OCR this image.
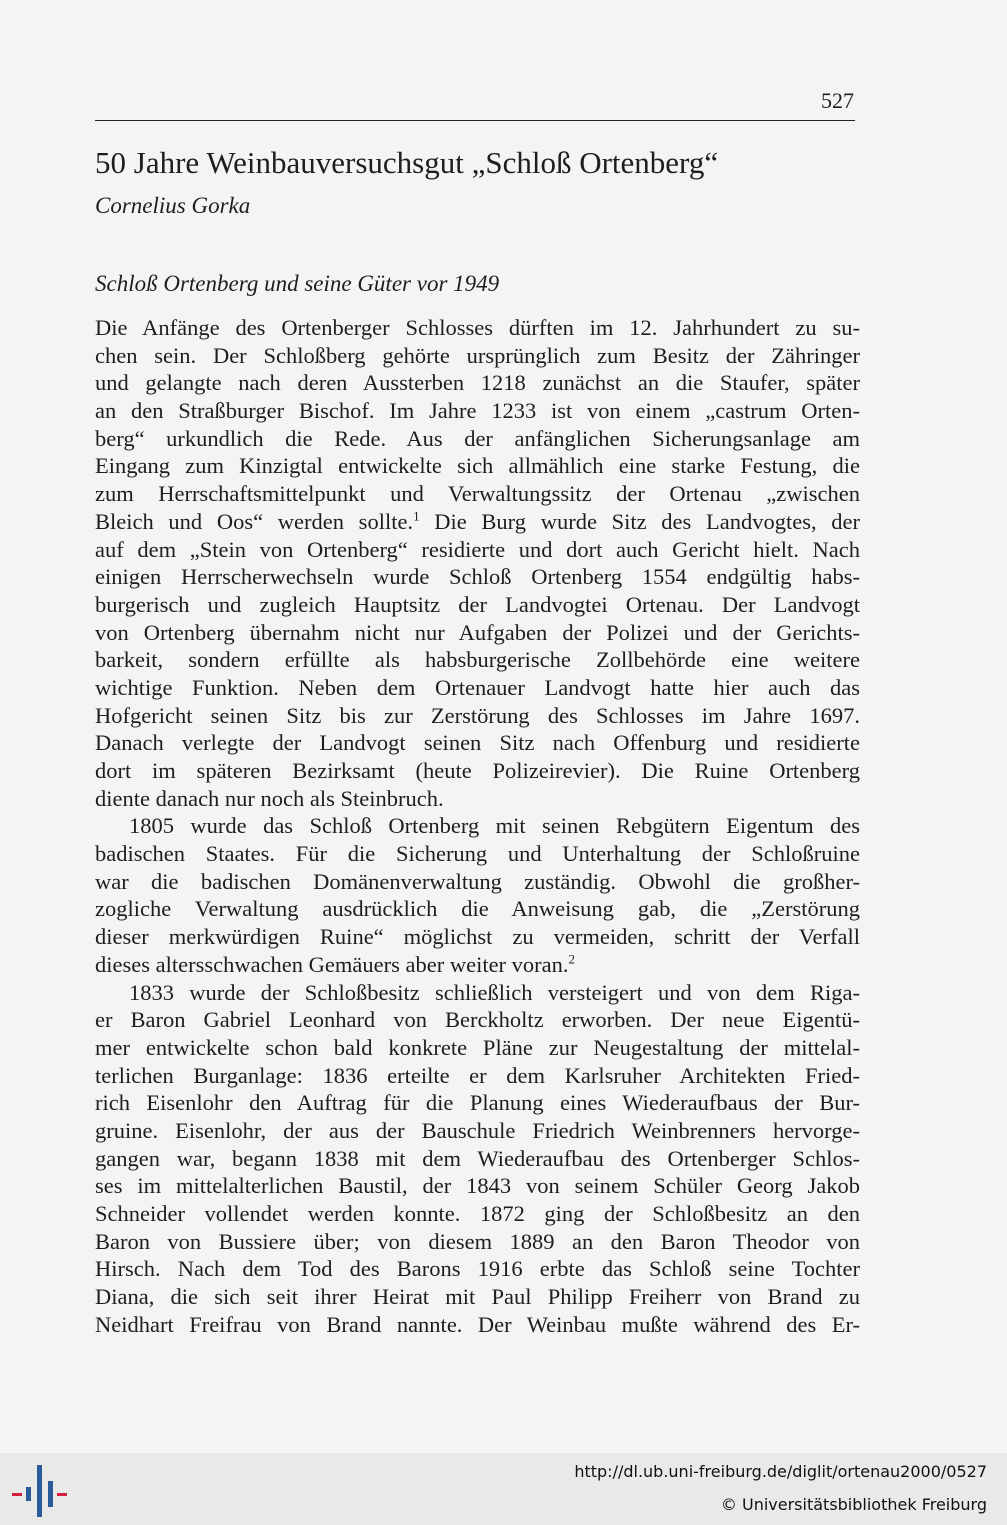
527
50 Jahre Weinbauversuchsgut „Schloß Ortenberg“
Cornelius Gorka
Schloß Ortenberg und seine Güter vor 1949
Die Anfänge des Ortenberger Schlosses dürften im 12. Jahrhundert zu su-
chen sein. Der Schloßberg gehörte ursprünglich zum Besitz der Zähringer
und gelangte nach deren Aussterben 1218 zunächst an die Staufer, später
an den Straßburger Bischof. Im Jahre 1233 ist von einem „castrum Orten-
berg“ urkundlich die Rede. Aus der anfänglichen Sicherungsanlage am
Eingang zum Kinzigtal entwickelte sich allmählich eine starke Festung, die
zum Herrschaftsmittelpunkt und Verwaltungssitz der Ortenau „zwischen
Bleich und Oos“ werden sollte.$^1$ Die Burg wurde Sitz des Landvogtes, der
auf dem „Stein von Ortenberg“ residierte und dort auch Gericht hielt. Nach
einigen Herrscherwechseln wurde Schloß Ortenberg 1554 endgültig habs-
burgerisch und zugleich Hauptsitz der Landvogtei Ortenau. Der Landvogt
von Ortenberg übernahm nicht nur Aufgaben der Polizei und der Gerichts-
barkeit, sondern erfüllte als habsburgerische Zollbehörde eine weitere
wichtige Funktion. Neben dem Ortenauer Landvogt hatte hier auch das
Hofgericht seinen Sitz bis zur Zerstörung des Schlosses im Jahre 1697.
Danach verlegte der Landvogt seinen Sitz nach Offenburg und residierte
dort im späteren Bezirksamt (heute Polizeirevier). Die Ruine Ortenberg
diente danach nur noch als Steinbruch.
1805 wurde das Schloß Ortenberg mit seinen Rebgütern Eigentum des
badischen Staates. Für die Sicherung und Unterhaltung der Schloßruine
war die badischen Domänenverwaltung zuständig. Obwohl die großher-
zogliche Verwaltung ausdrücklich die Anweisung gab, die „Zerstörung
dieser merkwürdigen Ruine“ möglichst zu vermeiden, schritt der Verfall
dieses altersschwachen Gemäuers aber weiter voran.$^2$
1833 wurde der Schloßbesitz schließlich versteigert und von dem Riga-
er Baron Gabriel Leonhard von Berckholtz erworben. Der neue Eigentü-
mer entwickelte schon bald konkrete Pläne zur Neugestaltung der mittelal-
terlichen Burganlage: 1836 erteilte er dem Karlsruher Architekten Fried-
rich Eisenlohr den Auftrag für die Planung eines Wiederaufbaus der Bur-
gruine. Eisenlohr, der aus der Bauschule Friedrich Weinbrenners hervorge-
gangen war, begann 1838 mit dem Wiederaufbau des Ortenberger Schlos-
ses im mittelalterlichen Baustil, der 1843 von seinem Schüler Georg Jakob
Schneider vollendet werden konnte. 1872 ging der Schloßbesitz an den
Baron von Bussiere über; von diesem 1889 an den Baron Theodor von
Hirsch. Nach dem Tod des Barons 1916 erbte das Schloß seine Tochter
Diana, die sich seit ihrer Heirat mit Paul Philipp Freiherr von Brand zu
Neidhart Freifrau von Brand nannte. Der Weinbau mußte während des Er-
http://dl.ub.uni-freiburg.de/diglit/ortenau2000/0527
© Universitätsbibliothek Freiburg
